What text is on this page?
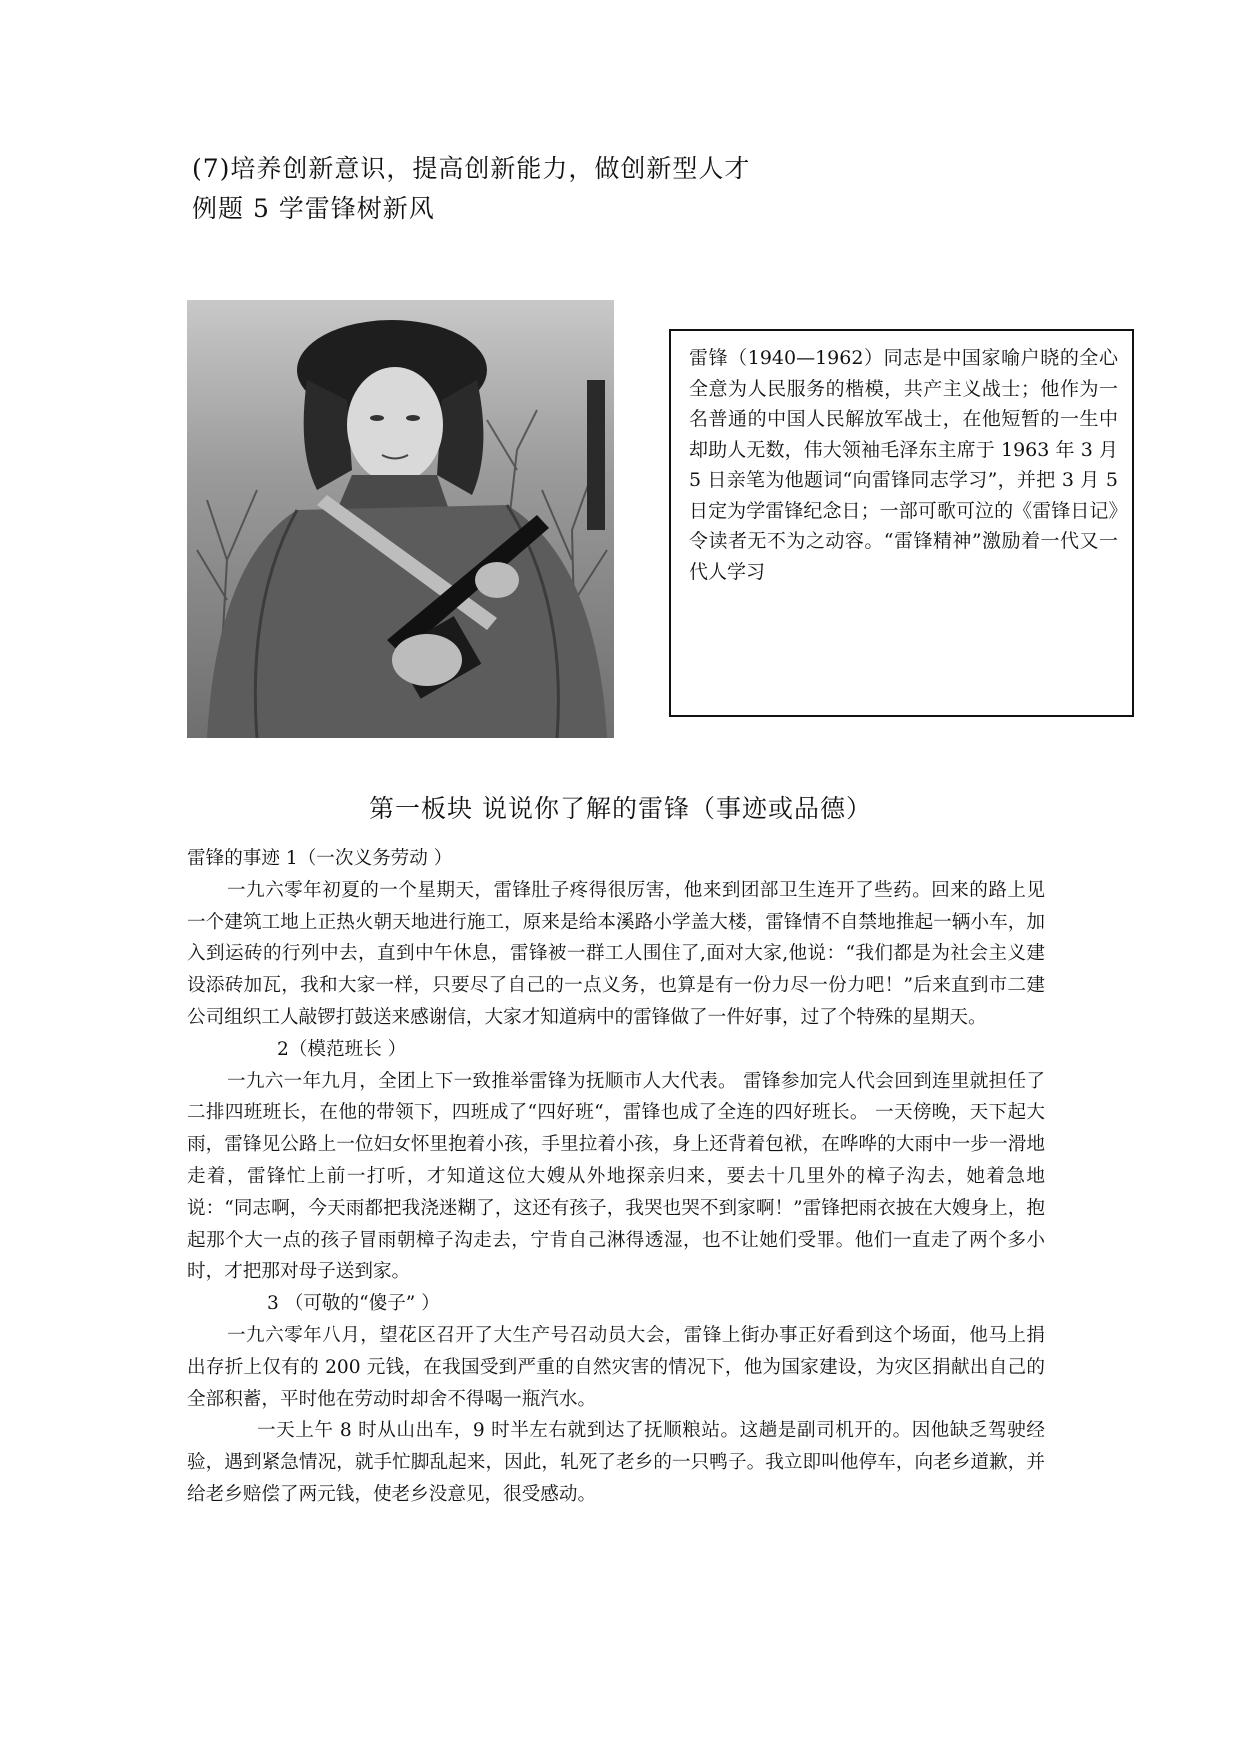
(7)培养创新意识，提高创新能力，做创新型人才
例题 5 学雷锋树新风

雷锋（1940—1962）同志是中国家喻户晓的全心全意为人民服务的楷模，共产主义战士；他作为一名普通的中国人民解放军战士，在他短暂的一生中却助人无数，伟大领袖毛泽东主席于 1963 年 3 月 5 日亲笔为他题词“向雷锋同志学习”，并把 3 月 5 日定为学雷锋纪念日；一部可歌可泣的《雷锋日记》令读者无不为之动容。“雷锋精神”激励着一代又一代人学习

第一板块 说说你了解的雷锋（事迹或品德）

雷锋的事迹 1（一次义务劳动 ）

一九六零年初夏的一个星期天，雷锋肚子疼得很厉害，他来到团部卫生连开了些药。回来的路上见一个建筑工地上正热火朝天地进行施工，原来是给本溪路小学盖大楼，雷锋情不自禁地推起一辆小车，加入到运砖的行列中去，直到中午休息，雷锋被一群工人围住了,面对大家,他说：“我们都是为社会主义建设添砖加瓦，我和大家一样，只要尽了自己的一点义务，也算是有一份力尽一份力吧！”后来直到市二建公司组织工人敲锣打鼓送来感谢信，大家才知道病中的雷锋做了一件好事，过了个特殊的星期天。

2（模范班长 ）

一九六一年九月，全团上下一致推举雷锋为抚顺市人大代表。 雷锋参加完人代会回到连里就担任了二排四班班长，在他的带领下，四班成了“四好班“，雷锋也成了全连的四好班长。 一天傍晚，天下起大雨，雷锋见公路上一位妇女怀里抱着小孩，手里拉着小孩，身上还背着包袱，在哗哗的大雨中一步一滑地走着，雷锋忙上前一打听，才知道这位大嫂从外地探亲归来，要去十几里外的樟子沟去，她着急地说：“同志啊，今天雨都把我浇迷糊了，这还有孩子，我哭也哭不到家啊！”雷锋把雨衣披在大嫂身上，抱起那个大一点的孩子冒雨朝樟子沟走去，宁肯自己淋得透湿，也不让她们受罪。他们一直走了两个多小时，才把那对母子送到家。

3 （可敬的“傻子” ）

一九六零年八月，望花区召开了大生产号召动员大会，雷锋上街办事正好看到这个场面，他马上捐出存折上仅有的 200 元钱，在我国受到严重的自然灾害的情况下，他为国家建设，为灾区捐献出自己的全部积蓄，平时他在劳动时却舍不得喝一瓶汽水。

一天上午 8 时从山出车，9 时半左右就到达了抚顺粮站。这趟是副司机开的。因他缺乏驾驶经验，遇到紧急情况，就手忙脚乱起来，因此，轧死了老乡的一只鸭子。我立即叫他停车，向老乡道歉，并给老乡赔偿了两元钱，使老乡没意见，很受感动。
